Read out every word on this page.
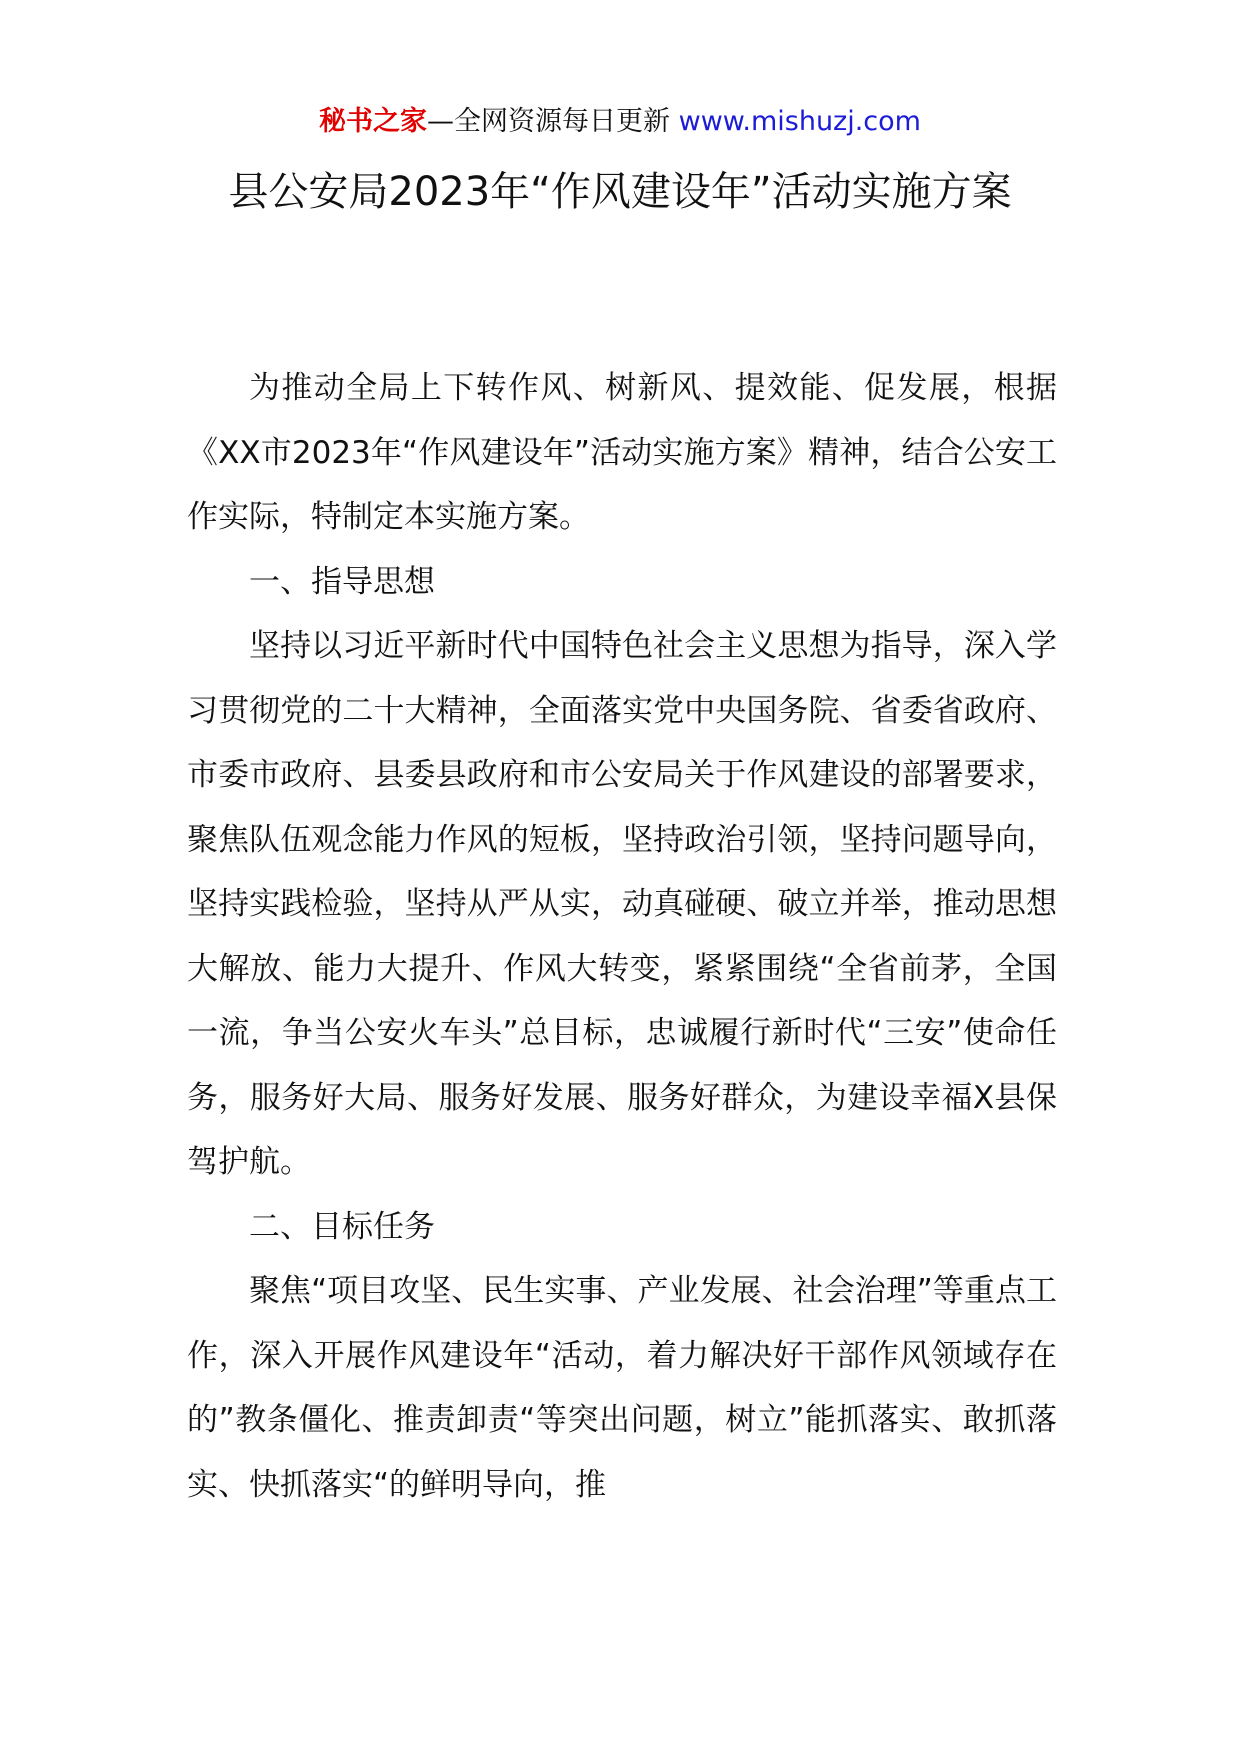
秘书之家—全网资源每日更新 www.mishuzj.com
县公安局2023年“作风建设年”活动实施方案

为推动全局上下转作风、树新风、提效能、促发展，根据《XX市2023年“作风建设年”活动实施方案》精神，结合公安工作实际，特制定本实施方案。

一、指导思想

坚持以习近平新时代中国特色社会主义思想为指导，深入学习贯彻党的二十大精神，全面落实党中央国务院、省委省政府、市委市政府、县委县政府和市公安局关于作风建设的部署要求，聚焦队伍观念能力作风的短板，坚持政治引领，坚持问题导向，坚持实践检验，坚持从严从实，动真碰硬、破立并举，推动思想大解放、能力大提升、作风大转变，紧紧围绕“全省前茅，全国一流，争当公安火车头”总目标，忠诚履行新时代“三安”使命任务，服务好大局、服务好发展、服务好群众，为建设幸福X县保驾护航。

二、目标任务

聚焦“项目攻坚、民生实事、产业发展、社会治理”等重点工作，深入开展作风建设年“活动，着力解决好干部作风领域存在的”教条僵化、推责卸责“等突出问题，树立”能抓落实、敢抓落实、快抓落实“的鲜明导向，推
